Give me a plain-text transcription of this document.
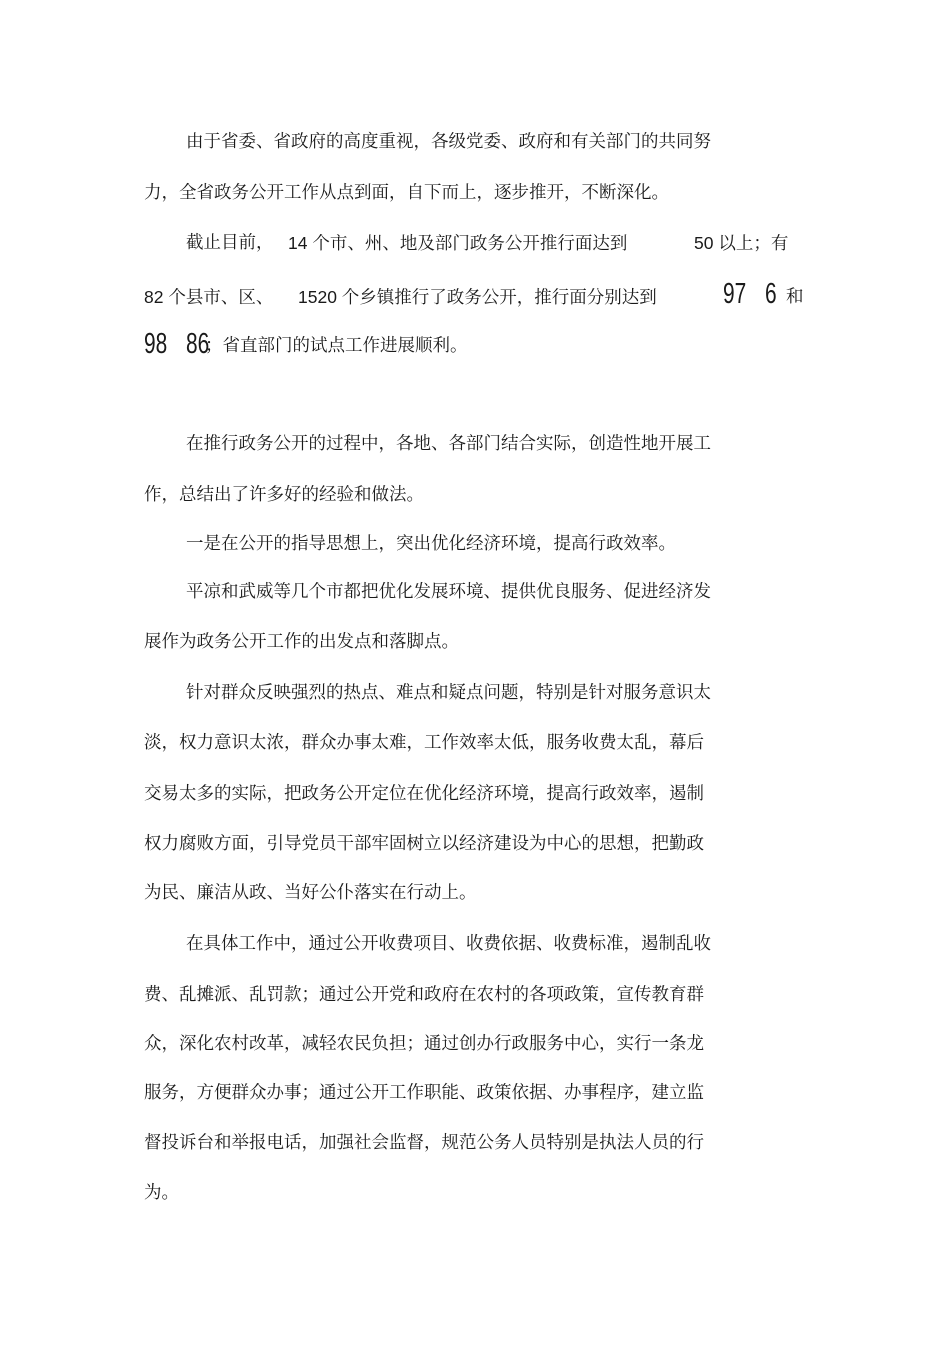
由于省委、省政府的高度重视，各级党委、政府和有关部门的共同努
力，全省政务公开工作从点到面，自下而上，逐步推开，不断深化。
截止目前， 14 个市、州、地及部门政务公开推行面达到	50 以上；有
82 个县市、区、 1520 个乡镇推行了政务公开，推行面分别达到 97 6 和
98 86
；省直部门的试点工作进展顺利。
在推行政务公开的过程中，各地、各部门结合实际，创造性地开展工
作，总结出了许多好的经验和做法。
一是在公开的指导思想上，突出优化经济环境，提高行政效率。
平凉和武威等几个市都把优化发展环境、提供优良服务、促进经济发
展作为政务公开工作的出发点和落脚点。
针对群众反映强烈的热点、难点和疑点问题，特别是针对服务意识太
淡，权力意识太浓，群众办事太难，工作效率太低，服务收费太乱，幕后
交易太多的实际，把政务公开定位在优化经济环境，提高行政效率，遏制
权力腐败方面，引导党员干部牢固树立以经济建设为中心的思想，把勤政
为民、廉洁从政、当好公仆落实在行动上。
在具体工作中，通过公开收费项目、收费依据、收费标准，遏制乱收
费、乱摊派、乱罚款；通过公开党和政府在农村的各项政策，宣传教育群
众，深化农村改革，减轻农民负担；通过创办行政服务中心，实行一条龙
服务，方便群众办事；通过公开工作职能、政策依据、办事程序，建立监
督投诉台和举报电话，加强社会监督，规范公务人员特别是执法人员的行
为。
